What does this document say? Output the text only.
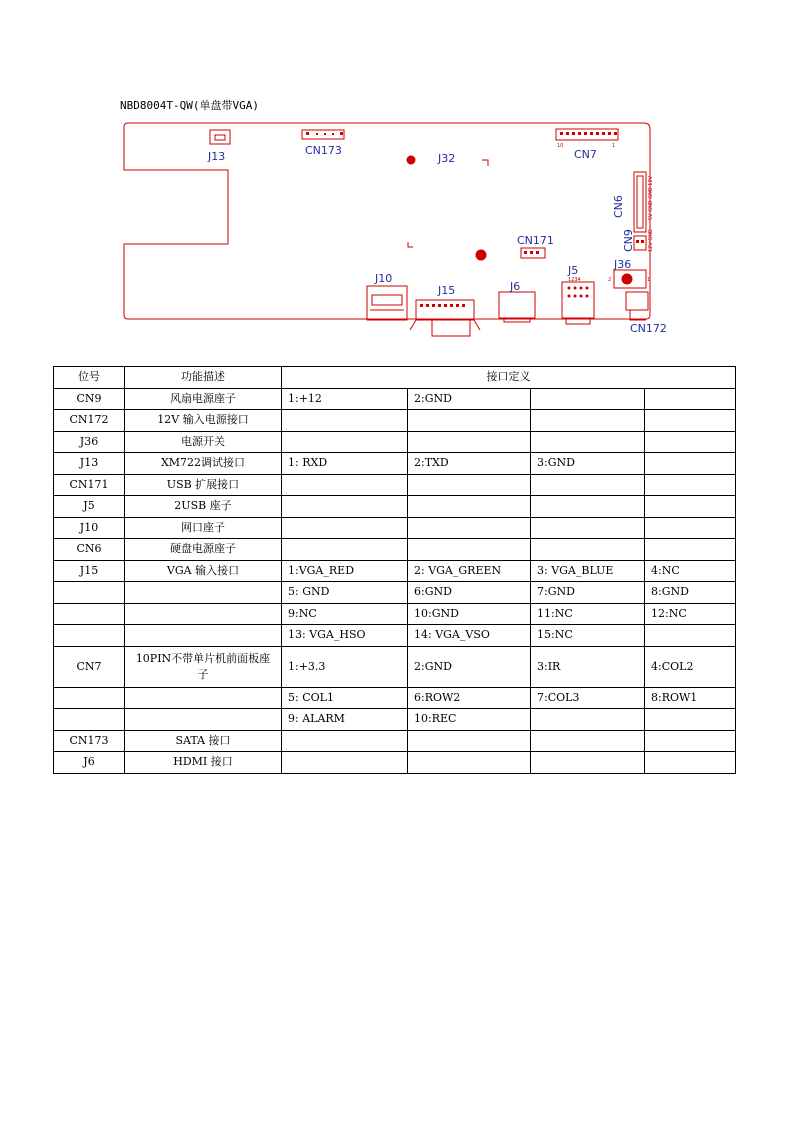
NBD8004T-QW(单盘带VGA)
J13	CN173	CN7
J32
CN6
CN9
CN171
J10
J15	J6
J5	J36
CN172
10	1
1234	2	1
5V GND GND 12V
12V GND
位号	功能描述	接口定义			
CN9	风扇电源座子	1:+12	2:GND		
CN172	12V 输入电源接口				
J36	电源开关				
J13	XM722调试接口	1: RXD	2:TXD	3:GND	
CN171	USB 扩展接口				
J5	2USB 座子				
J10	网口座子				
CN6	硬盘电源座子				
J15	VGA 输入接口	1:VGA_RED	2: VGA_GREEN	3: VGA_BLUE	4:NC
		5: GND	6:GND	7:GND	8:GND
		9:NC	10:GND	11:NC	12:NC
		13: VGA_HSO	14: VGA_VSO	15:NC	
CN7	10PIN不带单片机前面板座子	1:+3.3	2:GND	3:IR	4:COL2
		5: COL1	6:ROW2	7:COL3	8:ROW1
		9: ALARM	10:REC		
CN173	SATA 接口				
J6	HDMI 接口				
